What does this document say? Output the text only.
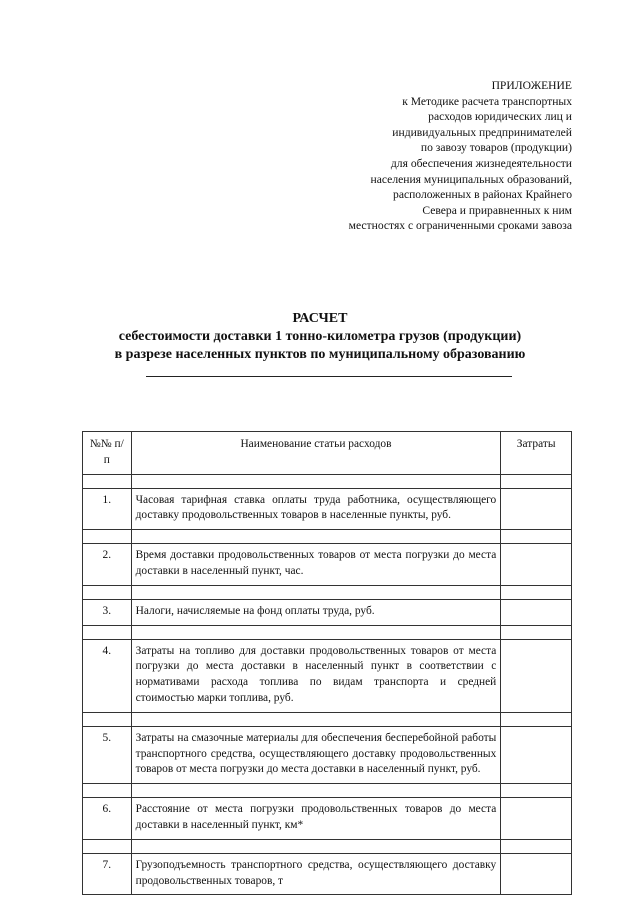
ПРИЛОЖЕНИЕ
к Методике расчета транспортных
расходов юридических лиц и
индивидуальных предпринимателей
по завозу товаров (продукции)
для обеспечения жизнедеятельности
населения муниципальных образований,
расположенных в районах Крайнего
Севера и приравненных к ним
местностях с ограниченными сроками завоза
РАСЧЕТ
себестоимости доставки 1 тонно-километра грузов (продукции)
в разрезе населенных пунктов по муниципальному образованию
№№ п/п	Наименование статьи расходов	Затраты

1.	Часовая тарифная ставка оплаты труда работника, осуществляющего доставку продовольственных товаров в населенные пункты, руб.	

2.	Время доставки продовольственных товаров от места погрузки до места доставки в населенный пункт, час.	

3.	Налоги, начисляемые на фонд оплаты труда, руб.	

4.	Затраты на топливо для доставки продовольственных товаров от места погрузки до места доставки в населенный пункт в соответствии с нормативами расхода топлива по видам транспорта и средней стоимостью марки топлива, руб.	

5.	Затраты на смазочные материалы для обеспечения бесперебойной работы транспортного средства, осуществляющего доставку продовольственных товаров от места погрузки до места доставки в населенный пункт, руб.	

6.	Расстояние от места погрузки продовольственных товаров до места доставки в населенный пункт, км*	

7.	Грузоподъемность транспортного средства, осуществляющего доставку продовольственных товаров, т	
